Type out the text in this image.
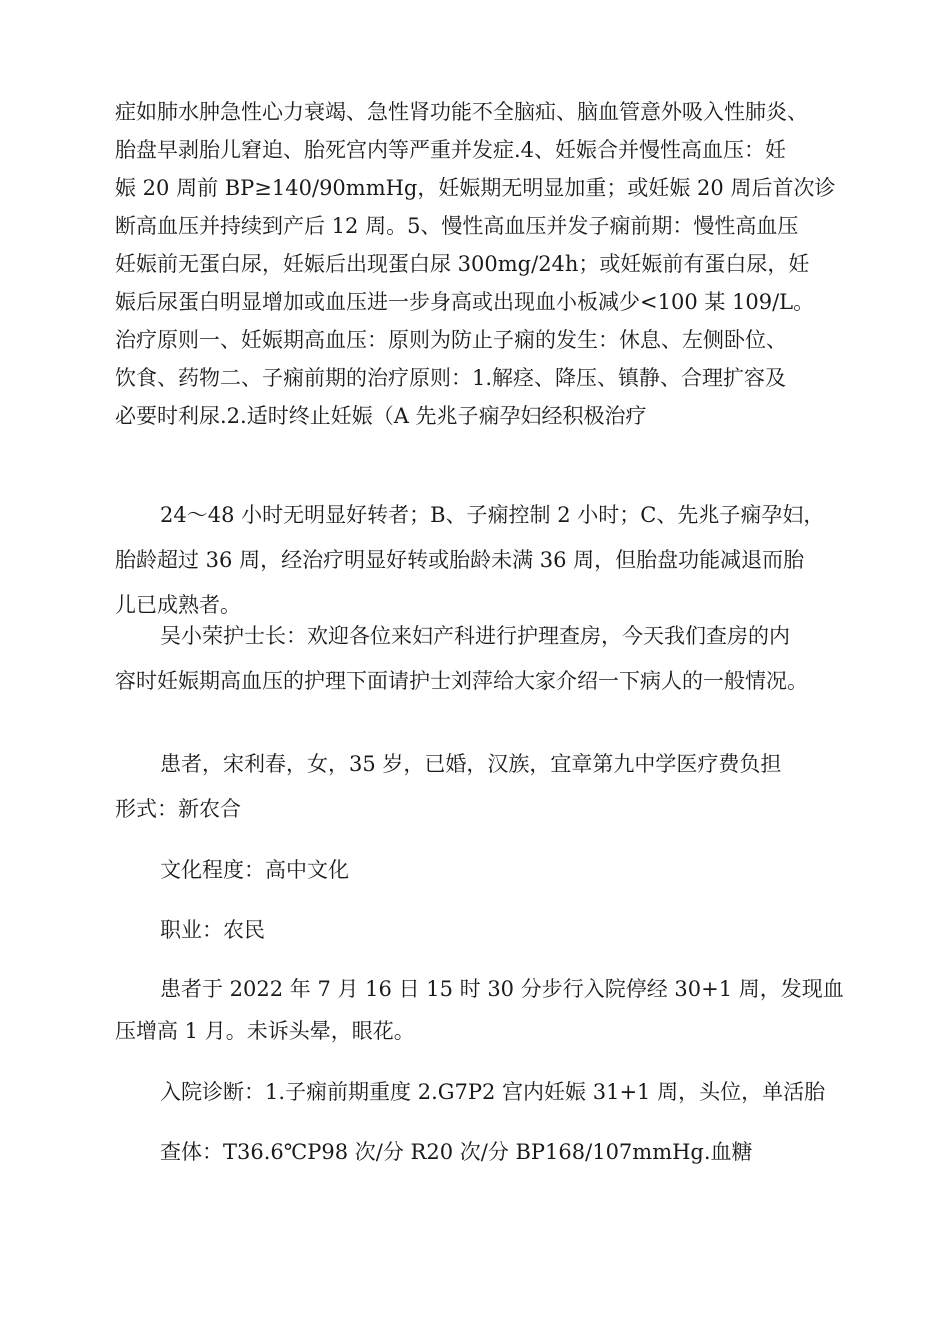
症如肺水肿急性心力衰竭、急性肾功能不全脑疝、脑血管意外吸入性肺炎、
胎盘早剥胎儿窘迫、胎死宫内等严重并发症.4、妊娠合并慢性高血压：妊
娠 20 周前 BP≥140/90mmHg，妊娠期无明显加重；或妊娠 20 周后首次诊
断高血压并持续到产后 12 周。5、慢性高血压并发子痫前期：慢性高血压
妊娠前无蛋白尿，妊娠后出现蛋白尿 300mg/24h；或妊娠前有蛋白尿，妊
娠后尿蛋白明显增加或血压进一步身高或出现血小板减少<100 某 109/L。
治疗原则一、妊娠期高血压：原则为防止子痫的发生：休息、左侧卧位、
饮食、药物二、子痫前期的治疗原则：1.解痉、降压、镇静、合理扩容及
必要时利尿.2.适时终止妊娠（A 先兆子痫孕妇经积极治疗
24～48 小时无明显好转者；B、子痫控制 2 小时；C、先兆子痫孕妇，
胎龄超过 36 周，经治疗明显好转或胎龄未满 36 周，但胎盘功能减退而胎
儿已成熟者。
吴小荣护士长：欢迎各位来妇产科进行护理查房，今天我们查房的内
容时妊娠期高血压的护理下面请护士刘萍给大家介绍一下病人的一般情况。
患者，宋利春，女，35 岁，已婚，汉族，宜章第九中学医疗费负担
形式：新农合
文化程度：高中文化
职业：农民
患者于 2022 年 7 月 16 日 15 时 30 分步行入院停经 30+1 周，发现血
压增高 1 月。未诉头晕，眼花。
入院诊断：1.子痫前期重度 2.G7P2 宫内妊娠 31+1 周，头位，单活胎
查体：T36.6℃P98 次/分 R20 次/分 BP168/107mmHg.血糖
